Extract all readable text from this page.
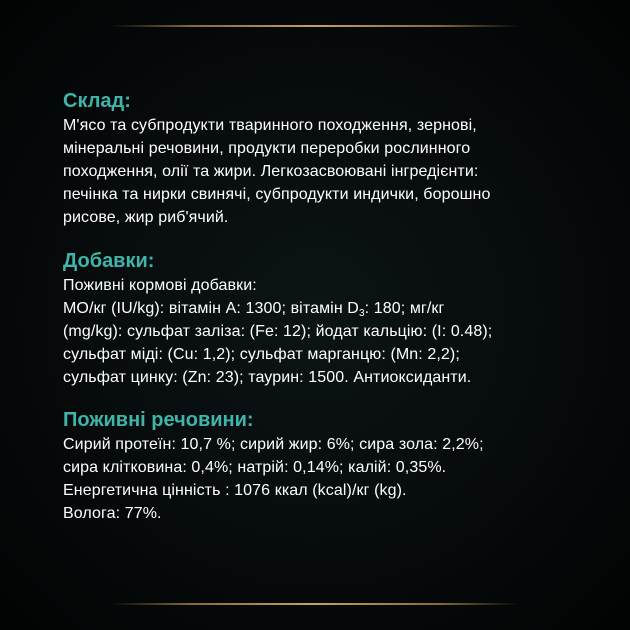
Склад:

М'ясо та субпродукти тваринного походження, зернові,
мінеральні речовини, продукти переробки рослинного
походження, олії та жири. Легкозасвоювані інгредієнти:
печінка та нирки свинячі, субпродукти индички, борошно
рисове, жир риб'ячий.

Добавки:

Поживні кормові добавки:
МО/кг (IU/kg): вітамін A: 1300; вітамін $D_3$: 180; мг/кг
(mg/kg): сульфат заліза: (Fe: 12); йодат кальцію: (I: 0.48);
сульфат міді: (Cu: 1,2); сульфат марганцю: (Mn: 2,2);
сульфат цинку: (Zn: 23); таурин: 1500. Антиоксиданти.

Поживні речовини:

Сирий протеїн: 10,7 %; сирий жир: 6%; сира зола: 2,2%;
сира клітковина: 0,4%; натрій: 0,14%; калій: 0,35%.
Енергетична цінність : 1076 ккал (kcal)/кг (kg).
Волога: 77%.
